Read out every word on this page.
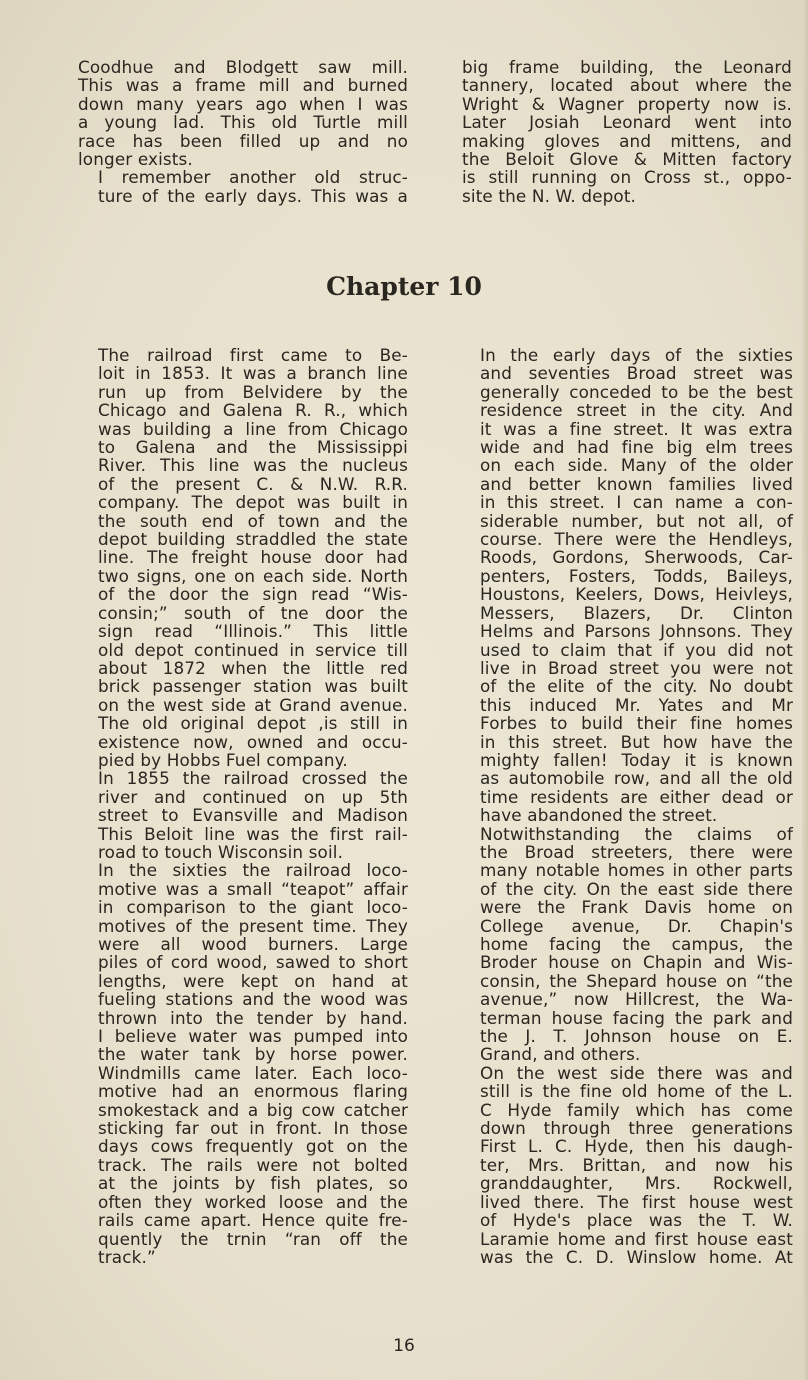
Coodhue and Blodgett saw mill.
This was a frame mill and burned
down many years ago when I was
a young lad. This old Turtle mill
race has been filled up and no
longer exists.

I remember another old struc-
ture of the early days. This was a

big frame building, the Leonard
tannery, located about where the
Wright & Wagner property now is.
Later Josiah Leonard went into
making gloves and mittens, and
the Beloit Glove & Mitten factory
is still running on Cross st., oppo-
site the N. W. depot.

Chapter 10

The railroad first came to Be-
loit in 1853. It was a branch line
run up from Belvidere by the
Chicago and Galena R. R., which
was building a line from Chicago
to Galena and the Mississippi
River. This line was the nucleus
of the present C. & N.W. R.R.
company. The depot was built in
the south end of town and the
depot building straddled the state
line. The freight house door had
two signs, one on each side. North
of the door the sign read “Wis-
consin;” south of tne door the
sign read “Illinois.” This little
old depot continued in service till
about 1872 when the little red
brick passenger station was built
on the west side at Grand avenue.
The old original depot ,is still in
existence now, owned and occu-
pied by Hobbs Fuel company.

In 1855 the railroad crossed the
river and continued on up 5th
street to Evansville and Madison
This Beloit line was the first rail-
road to touch Wisconsin soil.

In the sixties the railroad loco-
motive was a small “teapot” affair
in comparison to the giant loco-
motives of the present time. They
were all wood burners. Large
piles of cord wood, sawed to short
lengths, were kept on hand at
fueling stations and the wood was
thrown into the tender by hand.
I believe water was pumped into
the water tank by horse power.
Windmills came later. Each loco-
motive had an enormous flaring
smokestack and a big cow catcher
sticking far out in front. In those
days cows frequently got on the
track. The rails were not bolted
at the joints by fish plates, so
often they worked loose and the
rails came apart. Hence quite fre-
quently the trnin “ran off the
track.”

In the early days of the sixties
and seventies Broad street was
generally conceded to be the best
residence street in the city. And
it was a fine street. It was extra
wide and had fine big elm trees
on each side. Many of the older
and better known families lived
in this street. I can name a con-
siderable number, but not all, of
course. There were the Hendleys,
Roods, Gordons, Sherwoods, Car-
penters, Fosters, Todds, Baileys,
Houstons, Keelers, Dows, Heivleys,
Messers, Blazers, Dr. Clinton
Helms and Parsons Johnsons. They
used to claim that if you did not
live in Broad street you were not
of the elite of the city. No doubt
this induced Mr. Yates and Mr
Forbes to build their fine homes
in this street. But how have the
mighty fallen! Today it is known
as automobile row, and all the old
time residents are either dead or
have abandoned the street.

Notwithstanding the claims of
the Broad streeters, there were
many notable homes in other parts
of the city. On the east side there
were the Frank Davis home on
College avenue, Dr. Chapin's
home facing the campus, the
Broder house on Chapin and Wis-
consin, the Shepard house on “the
avenue,” now Hillcrest, the Wa-
terman house facing the park and
the J. T. Johnson house on E.
Grand, and others.

On the west side there was and
still is the fine old home of the L.
C Hyde family which has come
down through three generations
First L. C. Hyde, then his daugh-
ter, Mrs. Brittan, and now his
granddaughter, Mrs. Rockwell,
lived there. The first house west
of Hyde's place was the T. W.
Laramie home and first house east
was the C. D. Winslow home. At

16
